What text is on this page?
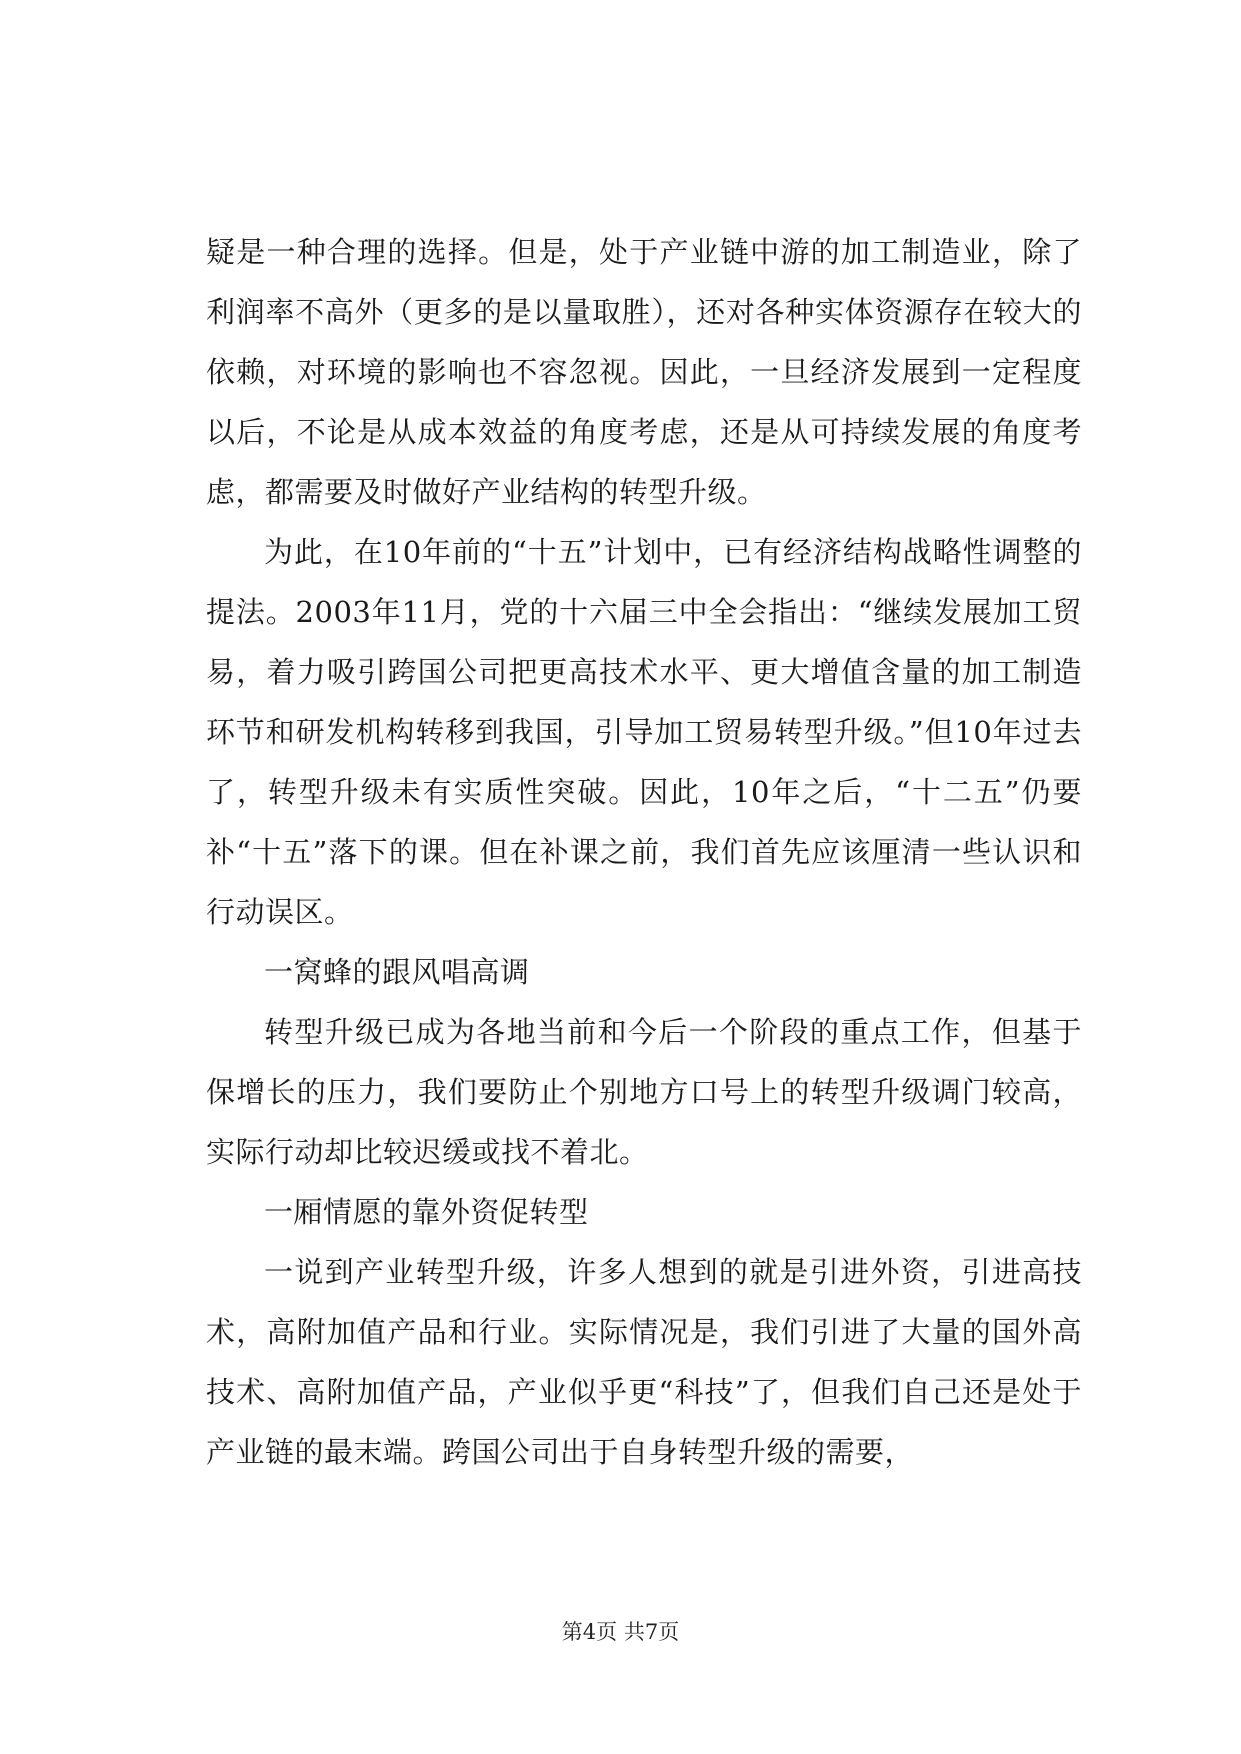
疑是一种合理的选择。但是，处于产业链中游的加工制造业，除了利润率不高外（更多的是以量取胜），还对各种实体资源存在较大的依赖，对环境的影响也不容忽视。因此，一旦经济发展到一定程度以后，不论是从成本效益的角度考虑，还是从可持续发展的角度考虑，都需要及时做好产业结构的转型升级。

为此，在10年前的“十五”计划中，已有经济结构战略性调整的提法。2003年11月，党的十六届三中全会指出：“继续发展加工贸易，着力吸引跨国公司把更高技术水平、更大增值含量的加工制造环节和研发机构转移到我国，引导加工贸易转型升级。”但10年过去了，转型升级未有实质性突破。因此，10年之后，“十二五”仍要补“十五”落下的课。但在补课之前，我们首先应该厘清一些认识和行动误区。

一窝蜂的跟风唱高调

转型升级已成为各地当前和今后一个阶段的重点工作，但基于保增长的压力，我们要防止个别地方口号上的转型升级调门较高，实际行动却比较迟缓或找不着北。

一厢情愿的靠外资促转型

一说到产业转型升级，许多人想到的就是引进外资，引进高技术，高附加值产品和行业。实际情况是，我们引进了大量的国外高技术、高附加值产品，产业似乎更“科技”了，但我们自己还是处于产业链的最末端。跨国公司出于自身转型升级的需要，

第4页 共7页
